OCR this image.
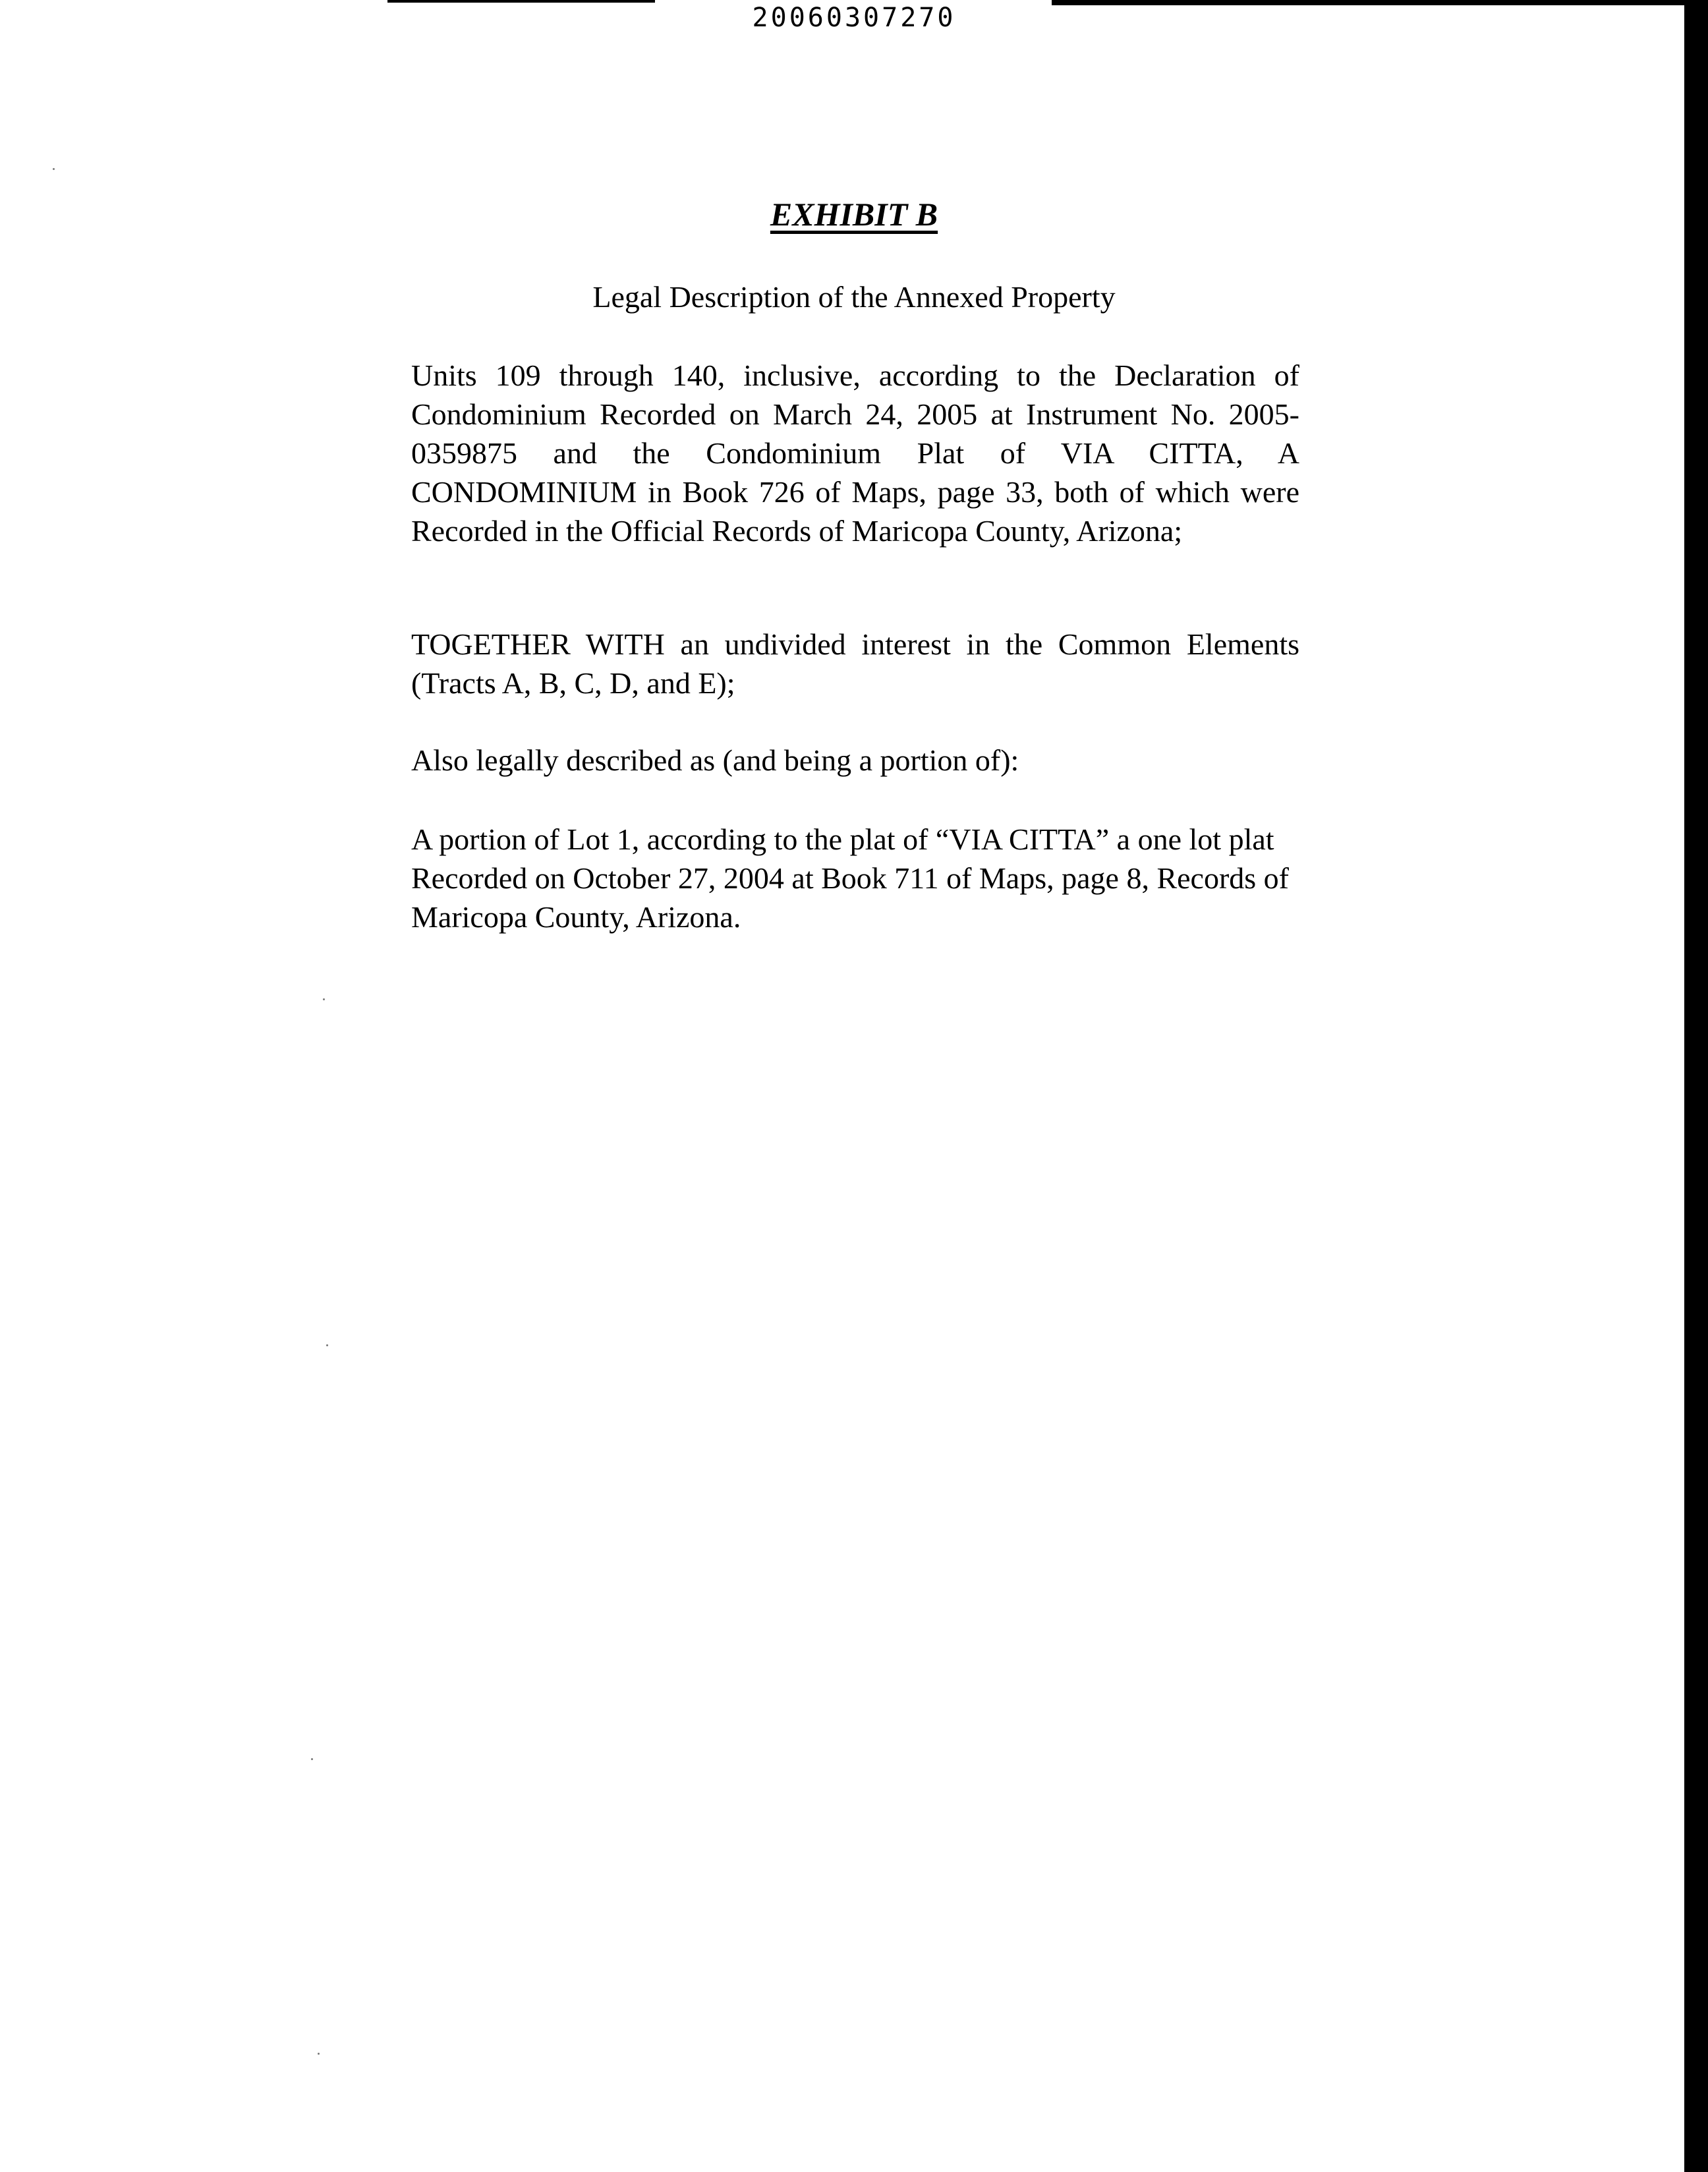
20060307270
EXHIBIT B
Legal Description of the Annexed Property

Units 109 through 140, inclusive, according to the Declaration of Condominium Recorded on March 24, 2005 at Instrument No. 2005-0359875 and the Condominium Plat of VIA CITTA, A CONDOMINIUM in Book 726 of Maps, page 33, both of which were Recorded in the Official Records of Maricopa County, Arizona;

TOGETHER WITH an undivided interest in the Common Elements (Tracts A, B, C, D, and E);

Also legally described as (and being a portion of):

A portion of Lot 1, according to the plat of “VIA CITTA” a one lot plat Recorded on October 27, 2004 at Book 711 of Maps, page 8, Records of Maricopa County, Arizona.
